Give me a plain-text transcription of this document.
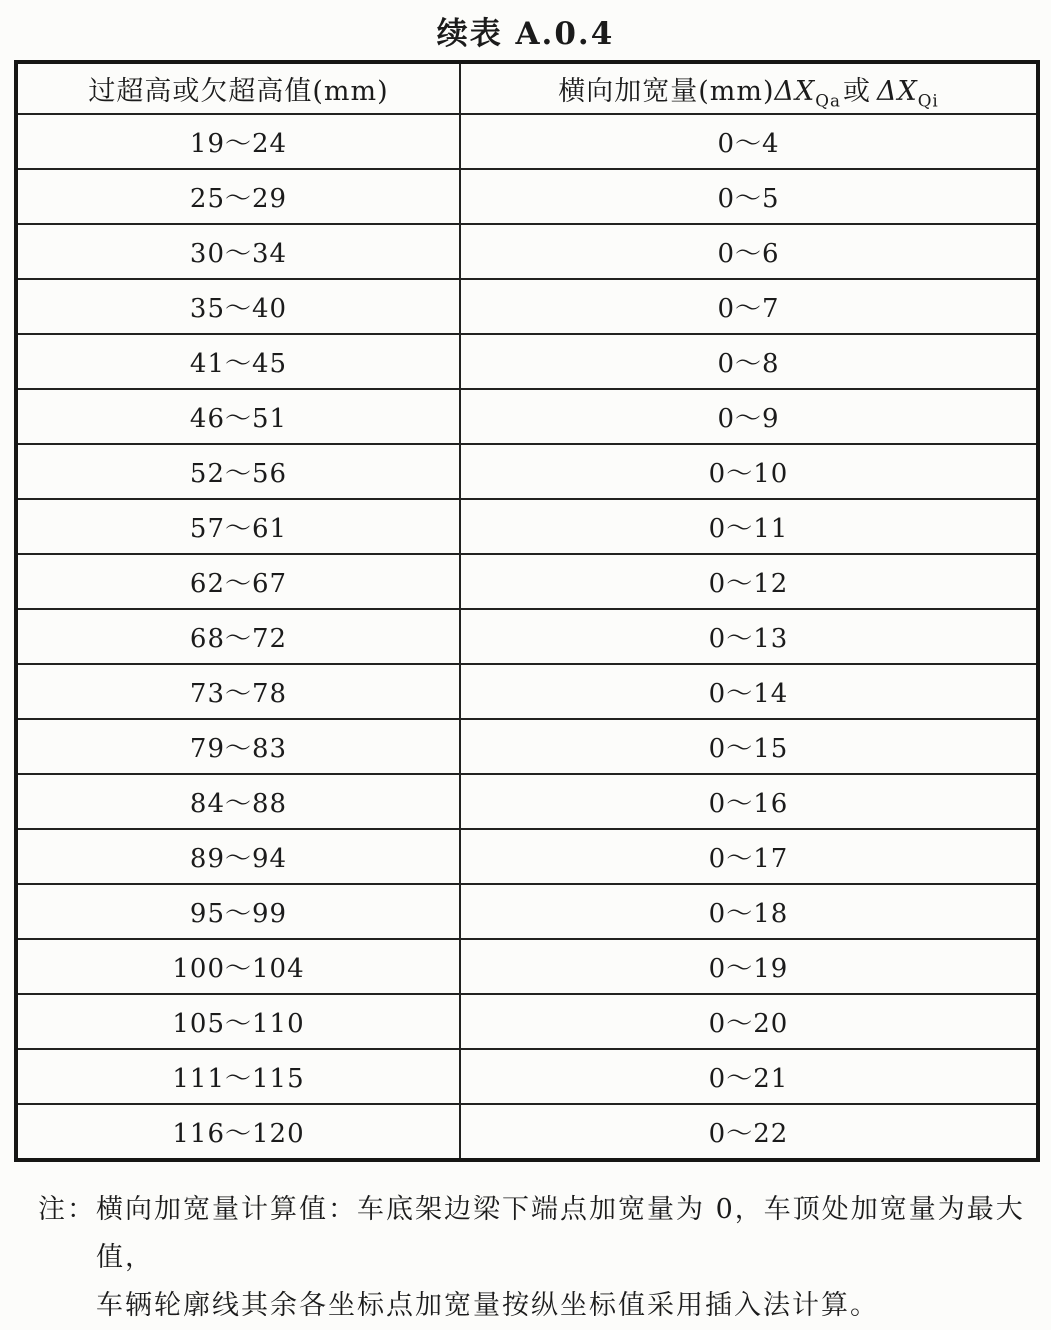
续表 A.0.4
过超高或欠超高值(mm)	横向加宽量$(mm)\Delta X_{Qa}$或 $\Delta X_{Qi}$
19～24	0～4
25～29	0～5
30～34	0～6
35～40	0～7
41～45	0～8
46～51	0～9
52～56	0～10
57～61	0～11
62～67	0～12
68～72	0～13
73～78	0～14
79～83	0～15
84～88	0～16
89～94	0～17
95～99	0～18
100～104	0～19
105～110	0～20
111～115	0～21
116～120	0～22
注： 横向加宽量计算值：车底架边梁下端点加宽量为 0，车顶处加宽量为最大值，
车辆轮廓线其余各坐标点加宽量按纵坐标值采用插入法计算。
